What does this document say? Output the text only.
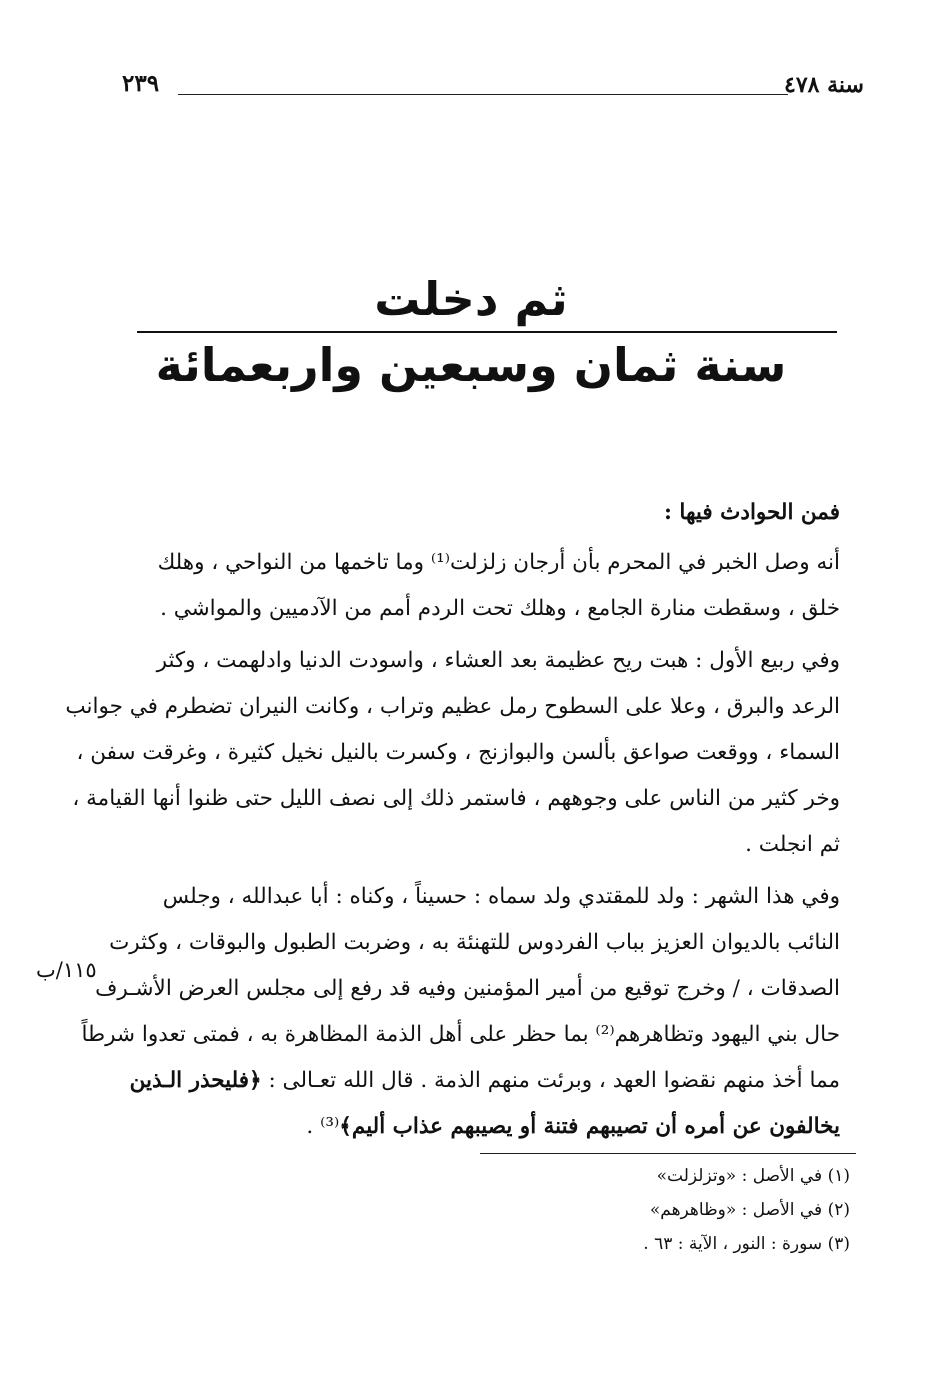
٢٣٩	سنة ٤٧٨
ثم دخلت
سنة ثمان وسبعين واربعمائة
فمن الحوادث فيها :
أنه وصل الخبر في المحرم بأن أرجان زلزلت⁽¹⁾ وما تاخمها من النواحي ، وهلك
خلق ، وسقطت منارة الجامع ، وهلك تحت الردم أمم من الآدميين والمواشي .
وفي ربيع الأول : هبت ريح عظيمة بعد العشاء ، واسودت الدنيا وادلهمت ، وكثر
الرعد والبرق ، وعلا على السطوح رمل عظيم وتراب ، وكانت النيران تضطرم في جوانب
السماء ، ووقعت صواعق بألسن والبوازنج ، وكسرت بالنيل نخيل كثيرة ، وغرقت سفن ،
وخر كثير من الناس على وجوههم ، فاستمر ذلك إلى نصف الليل حتى ظنوا أنها القيامة ،
ثم انجلت .
وفي هذا الشهر : ولد للمقتدي ولد سماه : حسيناً ، وكناه : أبا عبدالله ، وجلس
النائب بالديوان العزيز بباب الفردوس للتهنئة به ، وضربت الطبول والبوقات ، وكثرت
الصدقات ، / وخرج توقيع من أمير المؤمنين وفيه قد رفع إلى مجلس العرض الأشـرف
حال بني اليهود وتظاهرهم⁽²⁾ بما حظر على أهل الذمة المظاهرة به ، فمتى تعدوا شرطاً
مما أخذ منهم نقضوا العهد ، وبرئت منهم الذمة . قال الله تعـالى : ﴿فليحذر الـذين
يخالفون عن أمره أن تصيبهم فتنة أو يصيبهم عذاب أليم﴾⁽³⁾ .
١١٥/ب
(١) في الأصل : «وتزلزلت»
(٢) في الأصل : «وظاهرهم»
(٣) سورة : النور ، الآية : ٦٣ .
